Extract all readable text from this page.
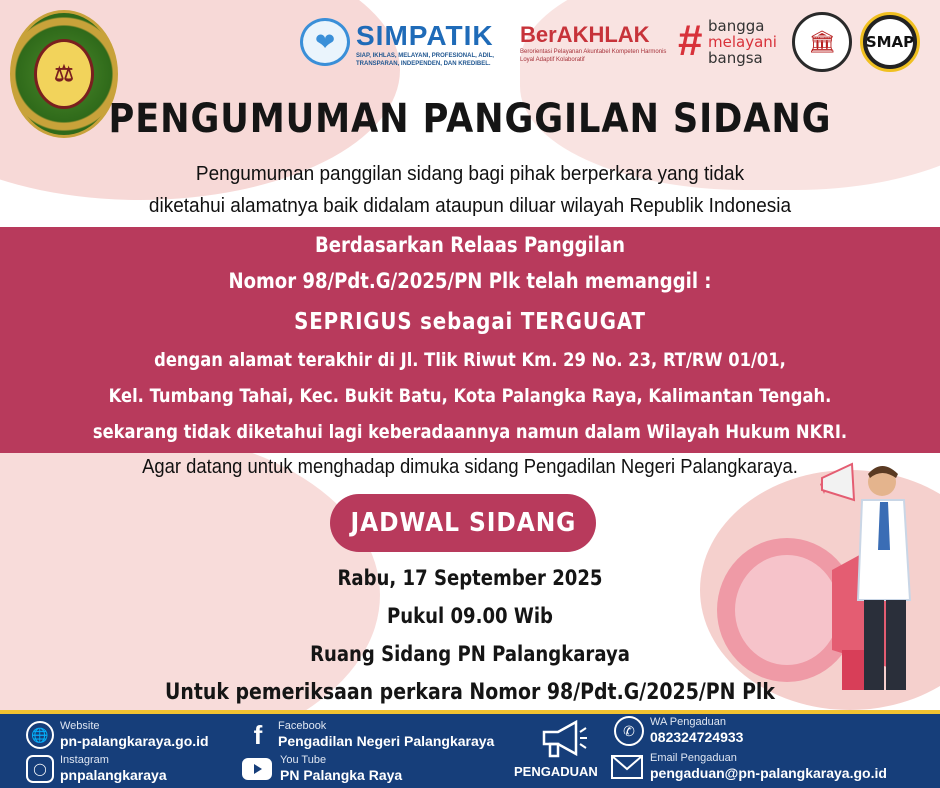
⚖
❤ SIMPATIK
SIAP, IKHLAS, MELAYANI, PROFESIONAL, ADIL, TRANSPARAN, INDEPENDEN, DAN KREDIBEL.
BerAKHLAK
Berorientasi Pelayanan Akuntabel Kompeten Harmonis Loyal Adaptif Kolaboratif	# bangga
melayani
bangsa
🏛	SMAP
PENGUMUMAN PANGGILAN SIDANG
Pengumuman panggilan sidang bagi pihak berperkara yang tidak
diketahui alamatnya baik didalam ataupun diluar wilayah Republik Indonesia
Berdasarkan Relaas Panggilan
Nomor 98/Pdt.G/2025/PN Plk telah memanggil :
SEPRIGUS sebagai TERGUGAT
dengan alamat terakhir di Jl. Tlik Riwut Km. 29 No. 23, RT/RW 01/01,
Kel. Tumbang Tahai, Kec. Bukit Batu, Kota Palangka Raya, Kalimantan Tengah.
sekarang tidak diketahui lagi keberadaannya namun dalam Wilayah Hukum NKRI.
Agar datang untuk menghadap dimuka sidang Pengadilan Negeri Palangkaraya.
JADWAL SIDANG
Rabu, 17 September 2025
Pukul 09.00 Wib
Ruang Sidang PN Palangkaraya
Untuk pemeriksaan perkara Nomor 98/Pdt.G/2025/PN Plk
🌐
Website
pn-palangkaraya.go.id
◯
Instagram
pnpalangkaraya
f	Facebook
Pengadilan Negeri Palangkaraya
You Tube
PN Palangka Raya	PENGADUAN
✆
WA Pengaduan
082324724933
Email Pengaduan
pengaduan@pn-palangkaraya.go.id
